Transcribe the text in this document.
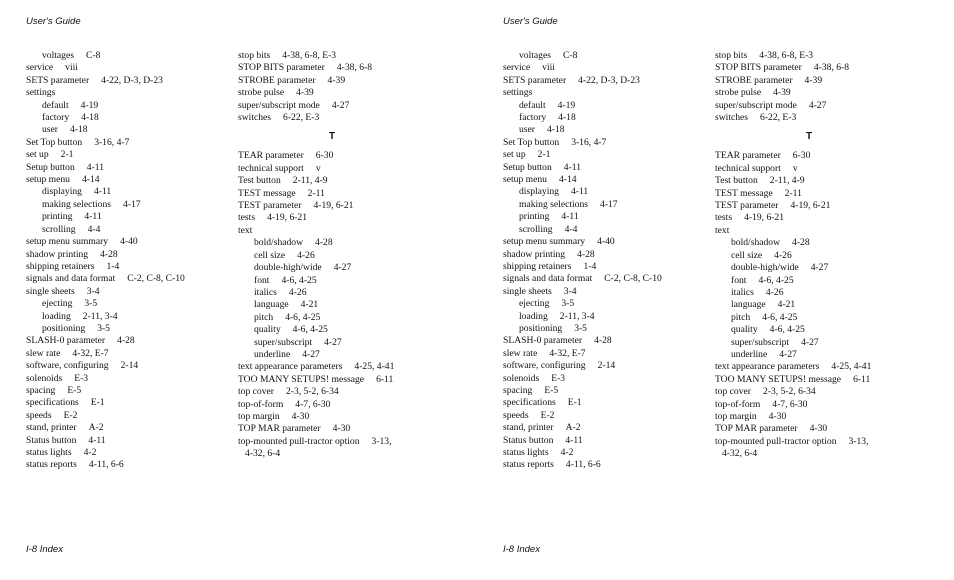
User's Guide
voltages C-8
service viii
SETS parameter 4-22, D-3, D-23
settings
default 4-19
factory 4-18
user 4-18
Set Top button 3-16, 4-7
set up 2-1
Setup button 4-11
setup menu 4-14
displaying 4-11
making selections 4-17
printing 4-11
scrolling 4-4
setup menu summary 4-40
shadow printing 4-28
shipping retainers 1-4
signals and data format C-2, C-8, C-10
single sheets 3-4
ejecting 3-5
loading 2-11, 3-4
positioning 3-5
SLASH-0 parameter 4-28
slew rate 4-32, E-7
software, configuring 2-14
solenoids E-3
spacing E-5
specifications E-1
speeds E-2
stand, printer A-2
Status button 4-11
status lights 4-2
status reports 4-11, 6-6
stop bits 4-38, 6-8, E-3
STOP BITS parameter 4-38, 6-8
STROBE parameter 4-39
strobe pulse 4-39
super/subscript mode 4-27
switches 6-22, E-3
T
TEAR parameter 6-30
technical support v
Test button 2-11, 4-9
TEST message 2-11
TEST parameter 4-19, 6-21
tests 4-19, 6-21
text
bold/shadow 4-28
cell size 4-26
double-high/wide 4-27
font 4-6, 4-25
italics 4-26
language 4-21
pitch 4-6, 4-25
quality 4-6, 4-25
super/subscript 4-27
underline 4-27
text appearance parameters 4-25, 4-41
TOO MANY SETUPS! message 6-11
top cover 2-3, 5-2, 6-34
top-of-form 4-7, 6-30
top margin 4-30
TOP MAR parameter 4-30
top-mounted pull-tractor option 3-13,
4-32, 6-4
I-8 Index
User's Guide
voltages C-8
service viii
SETS parameter 4-22, D-3, D-23
settings
default 4-19
factory 4-18
user 4-18
Set Top button 3-16, 4-7
set up 2-1
Setup button 4-11
setup menu 4-14
displaying 4-11
making selections 4-17
printing 4-11
scrolling 4-4
setup menu summary 4-40
shadow printing 4-28
shipping retainers 1-4
signals and data format C-2, C-8, C-10
single sheets 3-4
ejecting 3-5
loading 2-11, 3-4
positioning 3-5
SLASH-0 parameter 4-28
slew rate 4-32, E-7
software, configuring 2-14
solenoids E-3
spacing E-5
specifications E-1
speeds E-2
stand, printer A-2
Status button 4-11
status lights 4-2
status reports 4-11, 6-6
stop bits 4-38, 6-8, E-3
STOP BITS parameter 4-38, 6-8
STROBE parameter 4-39
strobe pulse 4-39
super/subscript mode 4-27
switches 6-22, E-3
T
TEAR parameter 6-30
technical support v
Test button 2-11, 4-9
TEST message 2-11
TEST parameter 4-19, 6-21
tests 4-19, 6-21
text
bold/shadow 4-28
cell size 4-26
double-high/wide 4-27
font 4-6, 4-25
italics 4-26
language 4-21
pitch 4-6, 4-25
quality 4-6, 4-25
super/subscript 4-27
underline 4-27
text appearance parameters 4-25, 4-41
TOO MANY SETUPS! message 6-11
top cover 2-3, 5-2, 6-34
top-of-form 4-7, 6-30
top margin 4-30
TOP MAR parameter 4-30
top-mounted pull-tractor option 3-13,
4-32, 6-4
I-8 Index
